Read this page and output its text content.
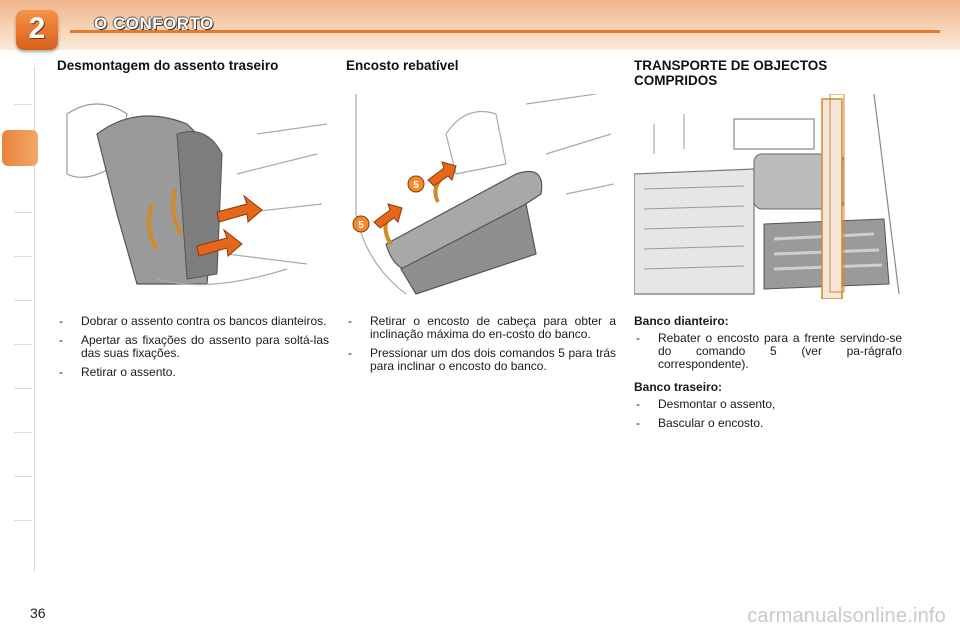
2	O CONFORTO
Desmontagem do assento traseiro
- Dobrar o assento contra os bancos dianteiros.
- Apertar as fixações do assento para soltá-las das suas fixações.
- Retirar o assento.
Encosto rebatível
5
5
- Retirar o encosto de cabeça para obter a inclinação máxima do en-costo do banco.
- Pressionar um dos dois comandos 5 para trás para inclinar o encosto do banco.
TRANSPORTE DE OBJECTOS COMPRIDOS
Banco dianteiro:
- Rebater o encosto para a frente servindo-se do comando 5 (ver pa-rágrafo correspondente).
Banco traseiro:
- Desmontar o assento,
- Bascular o encosto.
36	carmanualsonline.info
